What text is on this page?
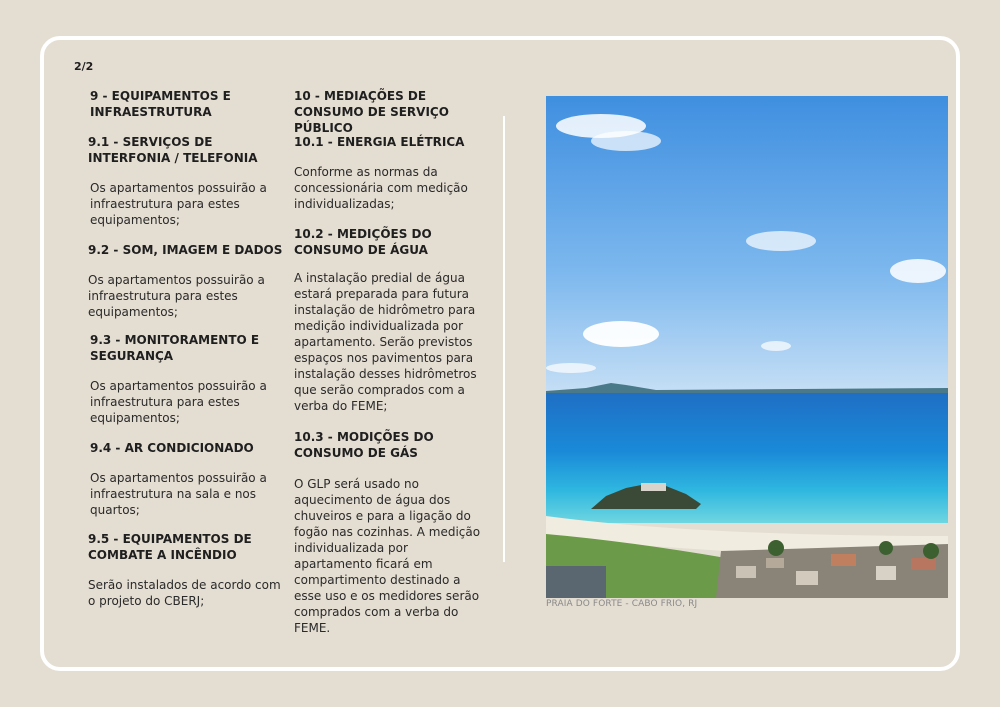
2/2
9 - EQUIPAMENTOS E INFRAESTRUTURA
9.1 - SERVIÇOS DE INTERFONIA / TELEFONIA
Os apartamentos possuirão a infraestrutura para estes equipamentos;
9.2 - SOM, IMAGEM E DADOS
Os apartamentos possuirão a infraestrutura para estes equipamentos;
9.3 - MONITORAMENTO E SEGURANÇA
Os apartamentos possuirão a infraestrutura para estes equipamentos;
9.4 - AR CONDICIONADO
Os apartamentos possuirão a infraestrutura na sala e nos quartos;
9.5 - EQUIPAMENTOS DE COMBATE A INCÊNDIO
Serão instalados de acordo com o projeto do CBERJ;
10 - MEDIAÇÕES DE CONSUMO DE SERVIÇO PÚBLICO
10.1 - ENERGIA ELÉTRICA
Conforme as normas da concessionária com medição individualizadas;
10.2 - MEDIÇÕES DO CONSUMO DE ÁGUA
A instalação predial de água estará preparada para futura instalação de hidrômetro para medição individualizada por apartamento. Serão previstos espaços nos pavimentos para instalação desses hidrômetros que serão comprados com a verba do FEME;
10.3 - MODIÇÕES DO CONSUMO DE GÁS
O GLP será usado no aquecimento de água dos chuveiros e para a ligação do fogão nas cozinhas. A medição individualizada por apartamento ficará em compartimento destinado a esse uso e os medidores serão comprados com a verba do FEME.
PRAIA DO FORTE - CABO FRIO, RJ
